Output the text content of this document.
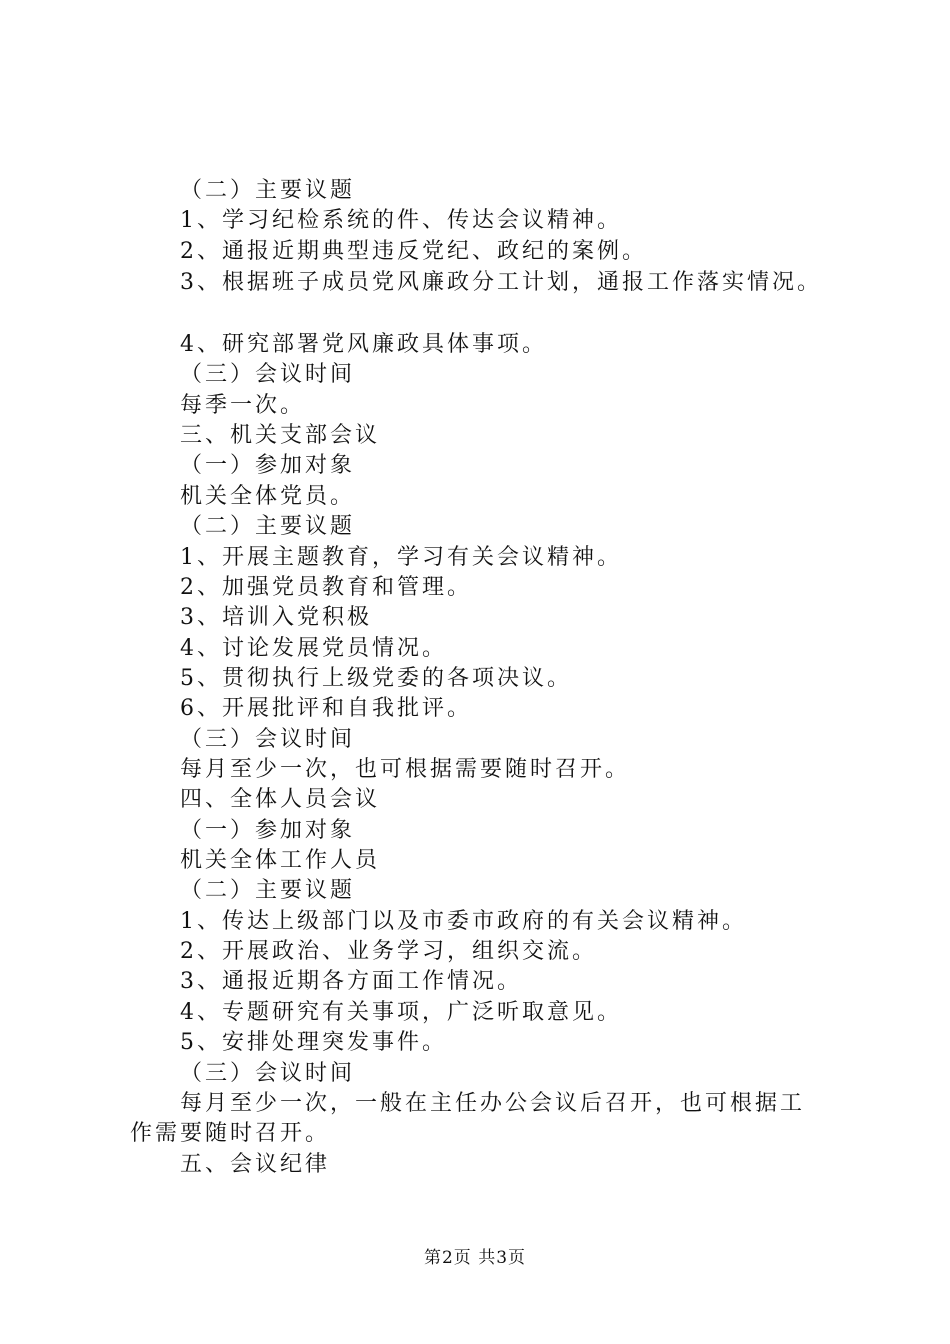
（二）主要议题
1、学习纪检系统的件、传达会议精神。
2、通报近期典型违反党纪、政纪的案例。
3、根据班子成员党风廉政分工计划，通报工作落实情况。
4、研究部署党风廉政具体事项。
（三）会议时间
每季一次。
三、机关支部会议
（一）参加对象
机关全体党员。
（二）主要议题
1、开展主题教育，学习有关会议精神。
2、加强党员教育和管理。
3、培训入党积极
4、讨论发展党员情况。
5、贯彻执行上级党委的各项决议。
6、开展批评和自我批评。
（三）会议时间
每月至少一次，也可根据需要随时召开。
四、全体人员会议
（一）参加对象
机关全体工作人员
（二）主要议题
1、传达上级部门以及市委市政府的有关会议精神。
2、开展政治、业务学习，组织交流。
3、通报近期各方面工作情况。
4、专题研究有关事项，广泛听取意见。
5、安排处理突发事件。
（三）会议时间
每月至少一次，一般在主任办公会议后召开，也可根据工作需要随时召开。
五、会议纪律
第2页 共3页
